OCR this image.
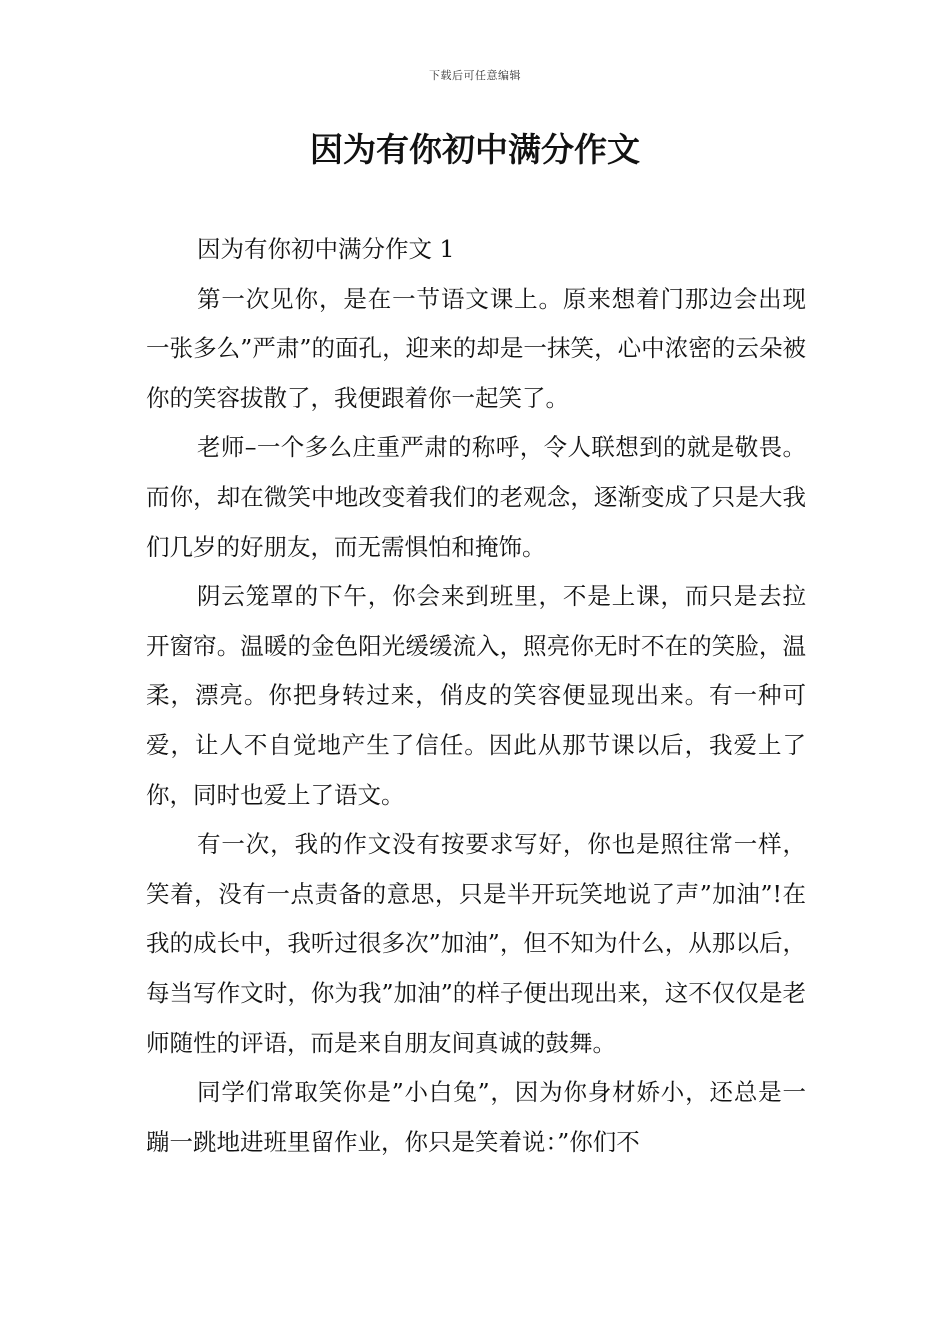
下载后可任意编辑
因为有你初中满分作文

因为有你初中满分作文 1

第一次见你，是在一节语文课上。原来想着门那边会出现一张多么”严肃”的面孔，迎来的却是一抹笑，心中浓密的云朵被你的笑容拔散了，我便跟着你一起笑了。

老师–一个多么庄重严肃的称呼，令人联想到的就是敬畏。而你，却在微笑中地改变着我们的老观念，逐渐变成了只是大我们几岁的好朋友，而无需惧怕和掩饰。

阴云笼罩的下午，你会来到班里，不是上课，而只是去拉开窗帘。温暖的金色阳光缓缓流入，照亮你无时不在的笑脸，温柔，漂亮。你把身转过来，俏皮的笑容便显现出来。有一种可爱，让人不自觉地产生了信任。因此从那节课以后，我爱上了你，同时也爱上了语文。

有一次，我的作文没有按要求写好，你也是照往常一样，笑着，没有一点责备的意思，只是半开玩笑地说了声”加油”!在我的成长中，我听过很多次”加油”，但不知为什么，从那以后，每当写作文时，你为我”加油”的样子便出现出来，这不仅仅是老师随性的评语，而是来自朋友间真诚的鼓舞。

同学们常取笑你是”小白兔”，因为你身材娇小，还总是一蹦一跳地进班里留作业，你只是笑着说：”你们不
